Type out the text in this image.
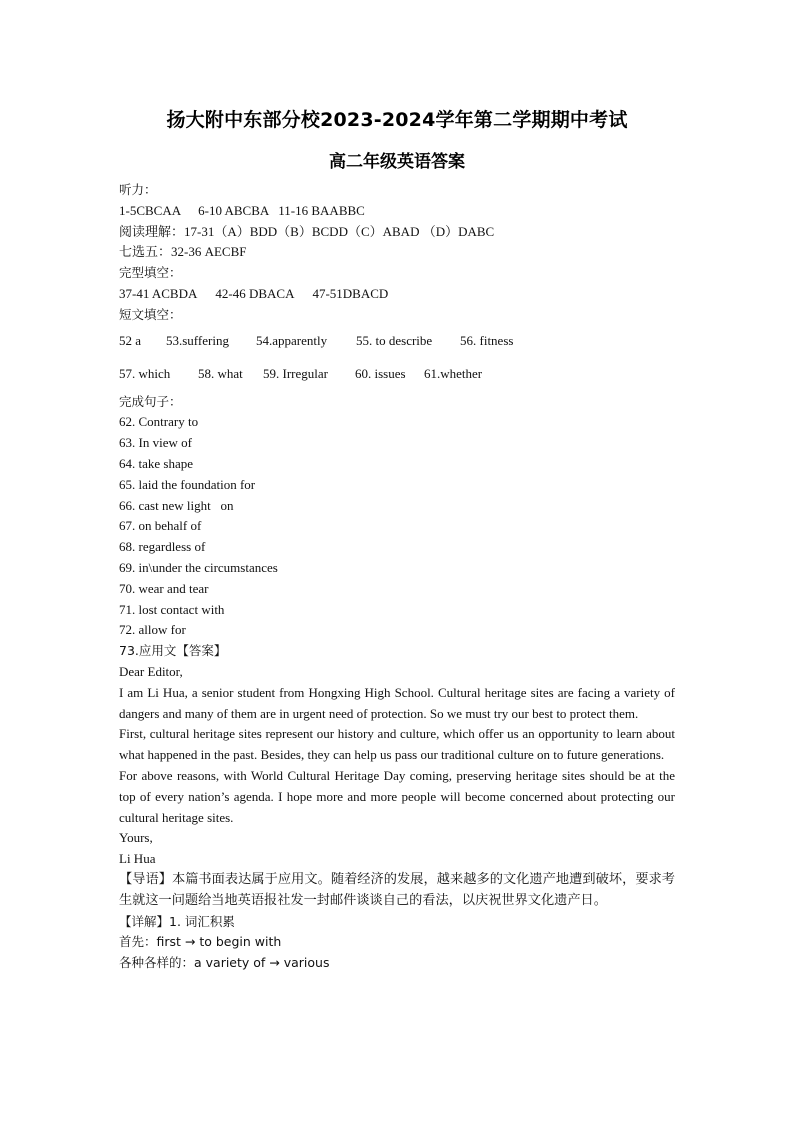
扬大附中东部分校2023-2024学年第二学期期中考试
高二年级英语答案
听力：
1-5CBCAA 6-10 ABCBA 11-16 BAABBC
阅读理解：17-31（A）BDD（B）BCDD（C）ABAD （D）DABC
七选五：32-36 AECBF
完型填空：
37-41 ACBDA 42-46 DBACA 47-51DBACD
短文填空：
52 a	53.suffering	54.apparently	55. to describe	56. fitness
57. which	58. what	59. Irregular	60. issues	61.whether
完成句子：
62. Contrary to
63. In view of
64. take shape
65. laid the foundation for
66. cast new light   on
67. on behalf of
68. regardless of
69. in\under the circumstances
70. wear and tear
71. lost contact with
72. allow for
73.应用文【答案】
Dear Editor,
I am Li Hua, a senior student from Hongxing High School. Cultural heritage sites are facing a variety of dangers and many of them are in urgent need of protection. So we must try our best to protect them.
First, cultural heritage sites represent our history and culture, which offer us an opportunity to learn about what happened in the past. Besides, they can help us pass our traditional culture on to future generations.
For above reasons, with World Cultural Heritage Day coming, preserving heritage sites should be at the top of every nation’s agenda. I hope more and more people will become concerned about protecting our cultural heritage sites.
Yours,
Li Hua
【导语】本篇书面表达属于应用文。随着经济的发展，越来越多的文化遗产地遭到破坏，要求考生就这一问题给当地英语报社发一封邮件谈谈自己的看法，以庆祝世界文化遗产日。
【详解】1. 词汇积累
首先：first → to begin with
各种各样的：a variety of → various
